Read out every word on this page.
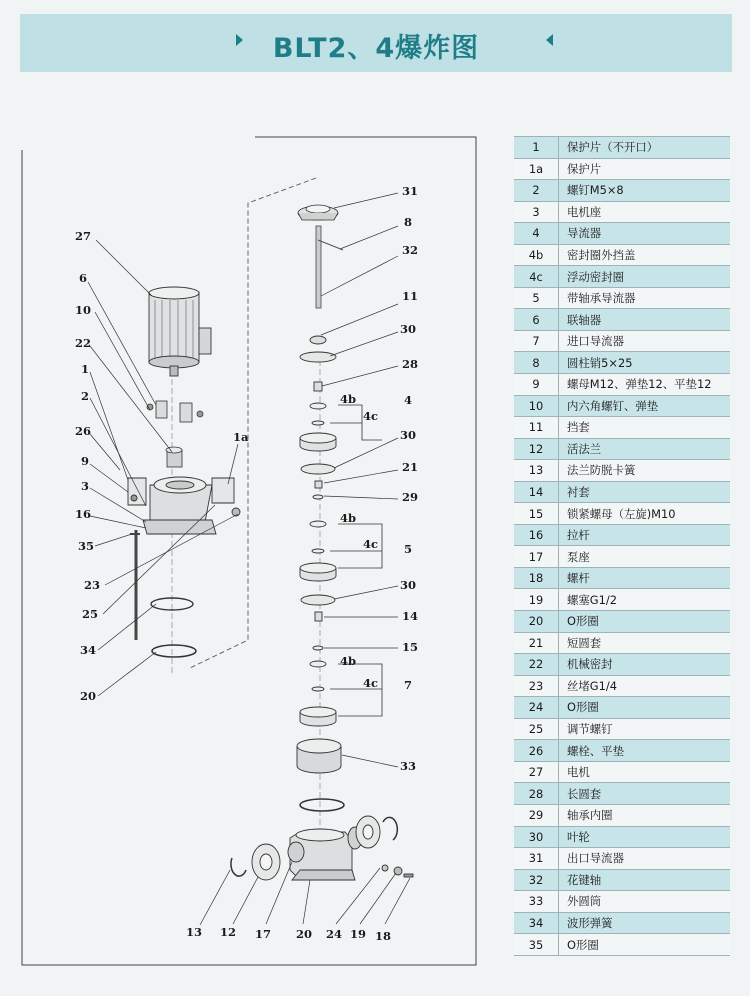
BLT2、4爆炸图
27
6
10
22
1
2
26
9
3
16
35
23
25
34
20
1a
31
8
32
11
30
28
4b	4
4c
30
21
29
4b
5
4c
30
14
15
4b
4c 7
33
13 12 17 20 24 19 18
1	保护片（不开口）
1a	保护片
2	螺钉M5×8
3	电机座
4	导流器
4b	密封圈外挡盖
4c	浮动密封圈
5	带轴承导流器
6	联轴器
7	进口导流器
8	圆柱销5×25
9	螺母M12、弹垫12、平垫12
10	内六角螺钉、弹垫
11	挡套
12	活法兰
13	法兰防脱卡簧
14	衬套
15	锁紧螺母（左旋)M10
16	拉杆
17	泵座
18	螺杆
19	螺塞G1/2
20	O形圈
21	短圆套
22	机械密封
23	丝堵G1/4
24	O形圈
25	调节螺钉
26	螺栓、平垫
27	电机
28	长圆套
29	轴承内圈
30	叶轮
31	出口导流器
32	花键轴
33	外圆筒
34	波形弹簧
35	O形圈
